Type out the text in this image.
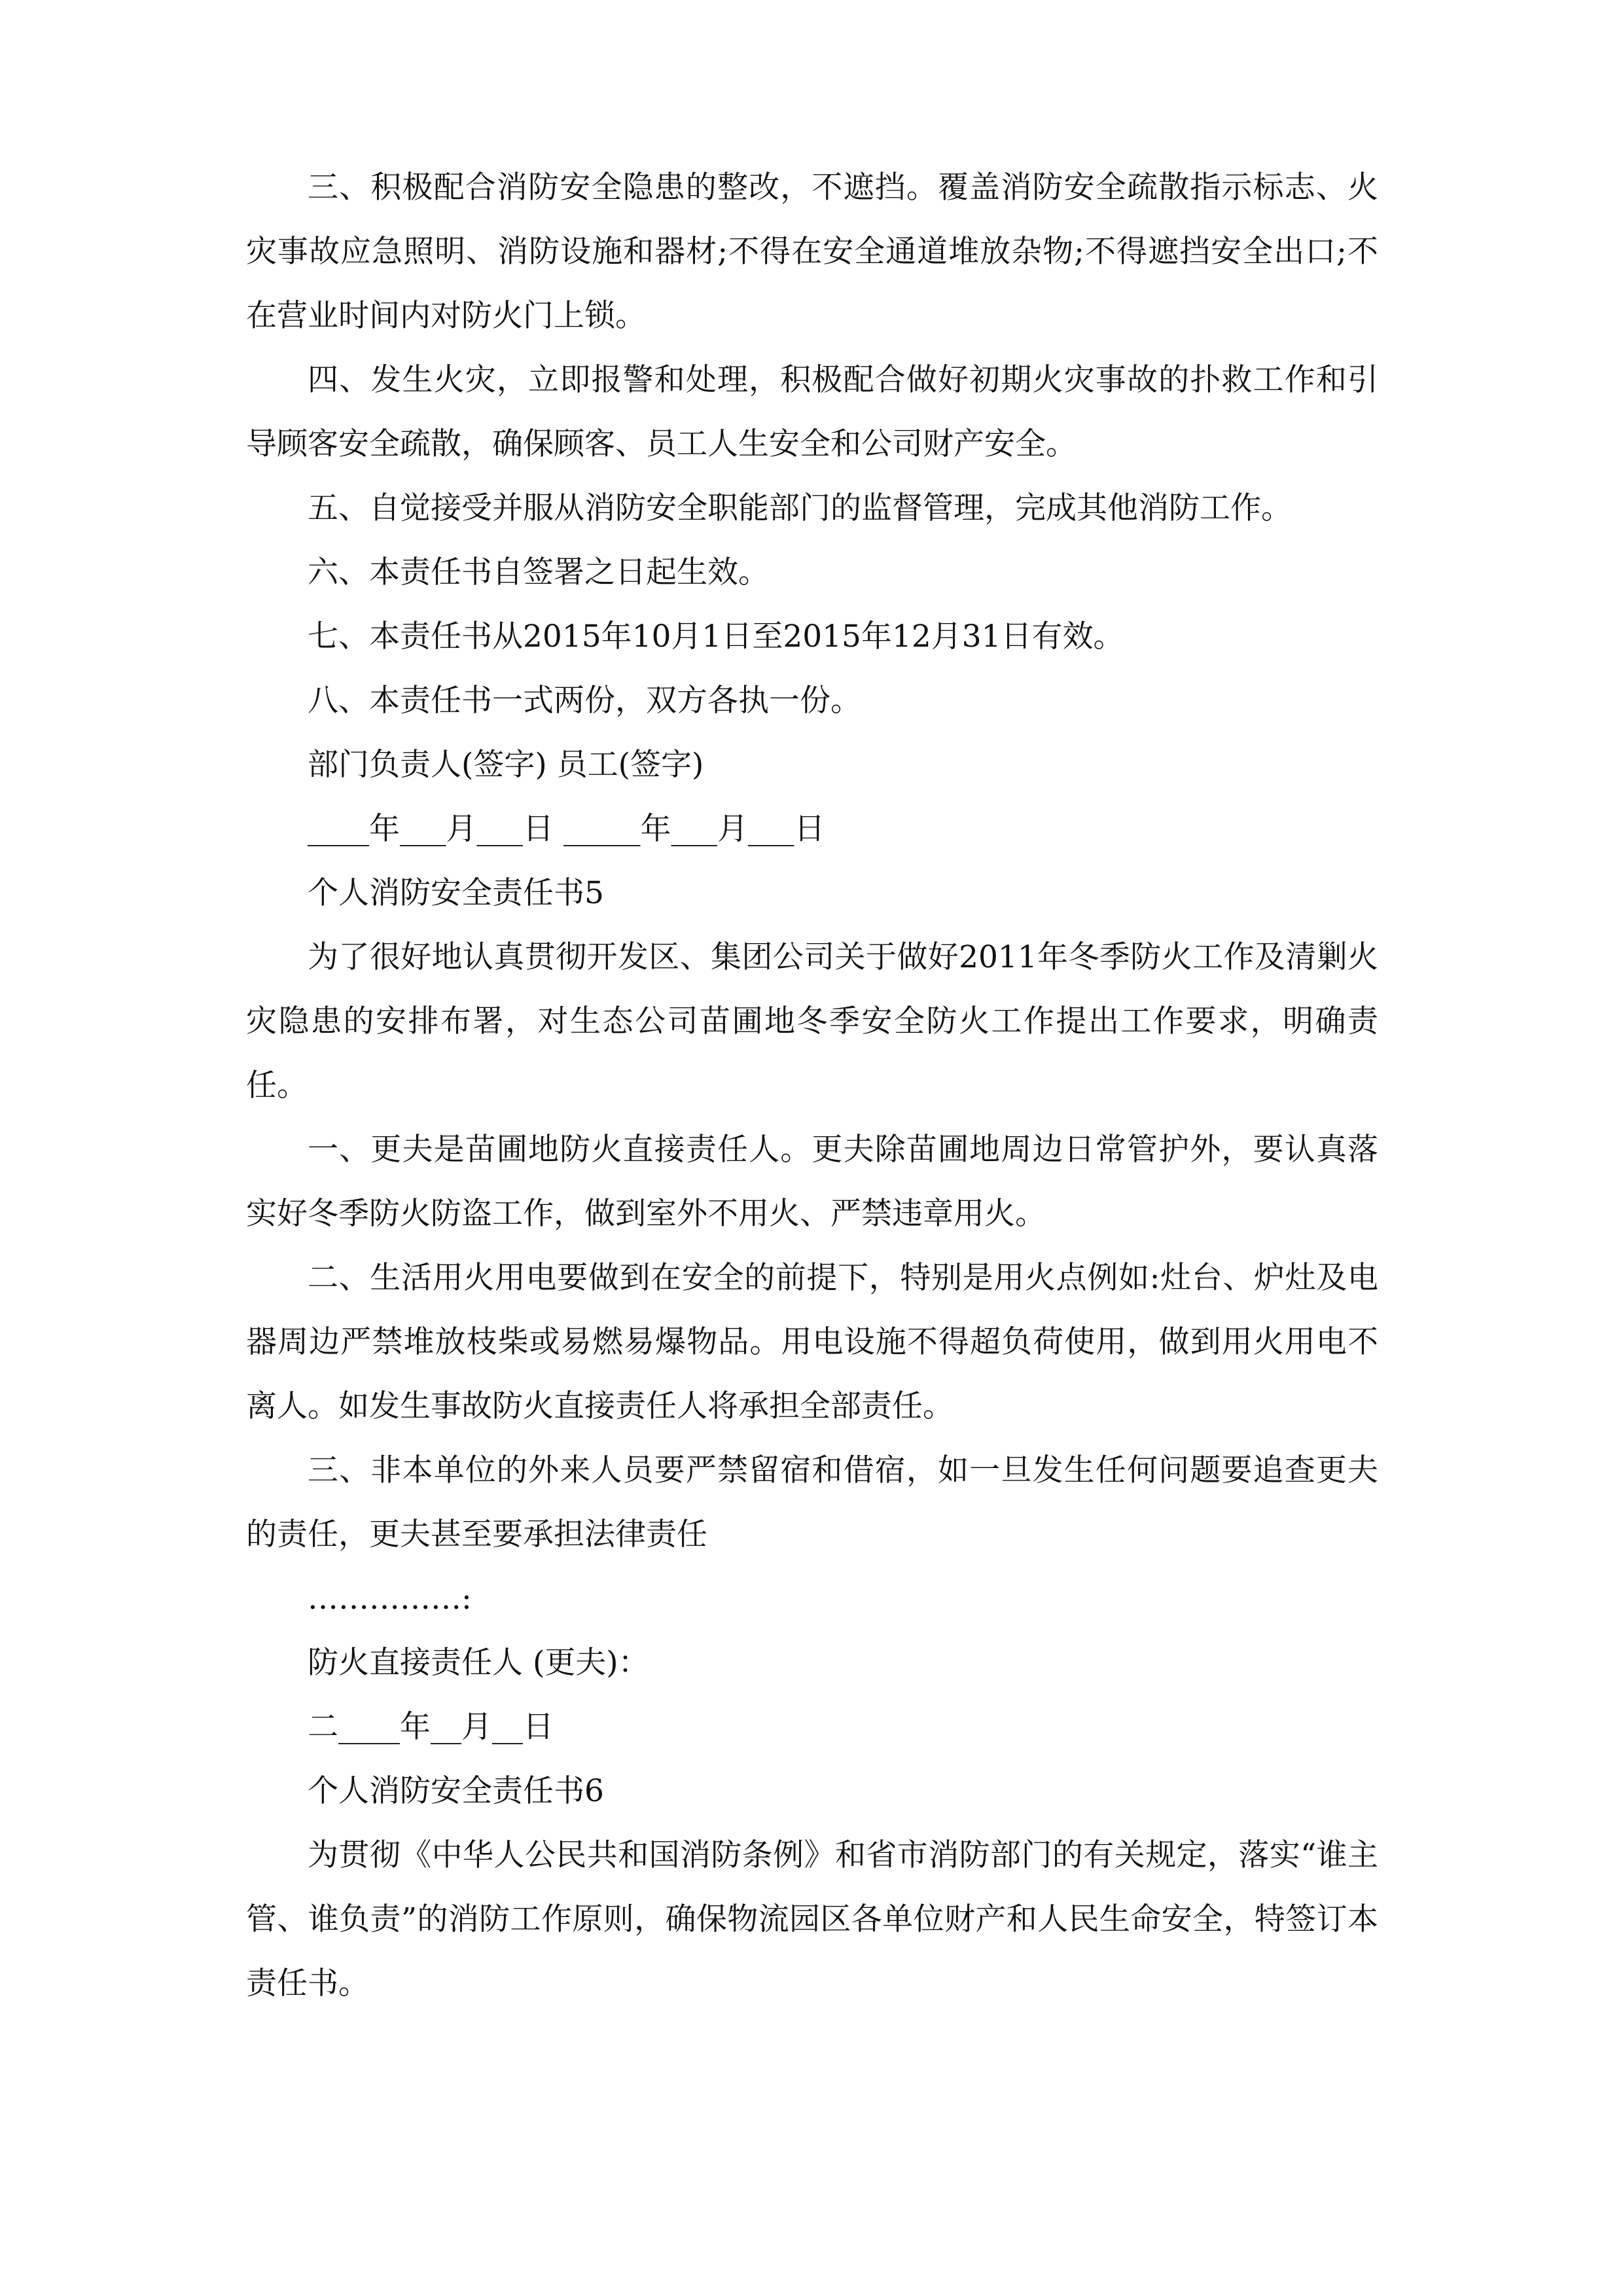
三、积极配合消防安全隐患的整改，不遮挡。覆盖消防安全疏散指示标志、火灾事故应急照明、消防设施和器材;不得在安全通道堆放杂物;不得遮挡安全出口;不在营业时间内对防火门上锁。

四、发生火灾，立即报警和处理，积极配合做好初期火灾事故的扑救工作和引导顾客安全疏散，确保顾客、员工人生安全和公司财产安全。

五、自觉接受并服从消防安全职能部门的监督管理，完成其他消防工作。

六、本责任书自签署之日起生效。

七、本责任书从2015年10月1日至2015年12月31日有效。

八、本责任书一式两份，双方各执一份。

部门负责人(签字) 员工(签字)

____年___月___日 _____年___月___日

个人消防安全责任书5

为了很好地认真贯彻开发区、集团公司关于做好2011年冬季防火工作及清剿火灾隐患的安排布署，对生态公司苗圃地冬季安全防火工作提出工作要求，明确责任。

一、更夫是苗圃地防火直接责任人。更夫除苗圃地周边日常管护外，要认真落实好冬季防火防盗工作，做到室外不用火、严禁违章用火。

二、生活用火用电要做到在安全的前提下，特别是用火点例如:灶台、炉灶及电器周边严禁堆放枝柴或易燃易爆物品。用电设施不得超负荷使用，做到用火用电不离人。如发生事故防火直接责任人将承担全部责任。

三、非本单位的外来人员要严禁留宿和借宿，如一旦发生任何问题要追查更夫的责任，更夫甚至要承担法律责任

……………:

防火直接责任人 (更夫)：

二____年__月__日

个人消防安全责任书6

为贯彻《中华人公民共和国消防条例》和省市消防部门的有关规定，落实“谁主管、谁负责”的消防工作原则，确保物流园区各单位财产和人民生命安全，特签订本责任书。
